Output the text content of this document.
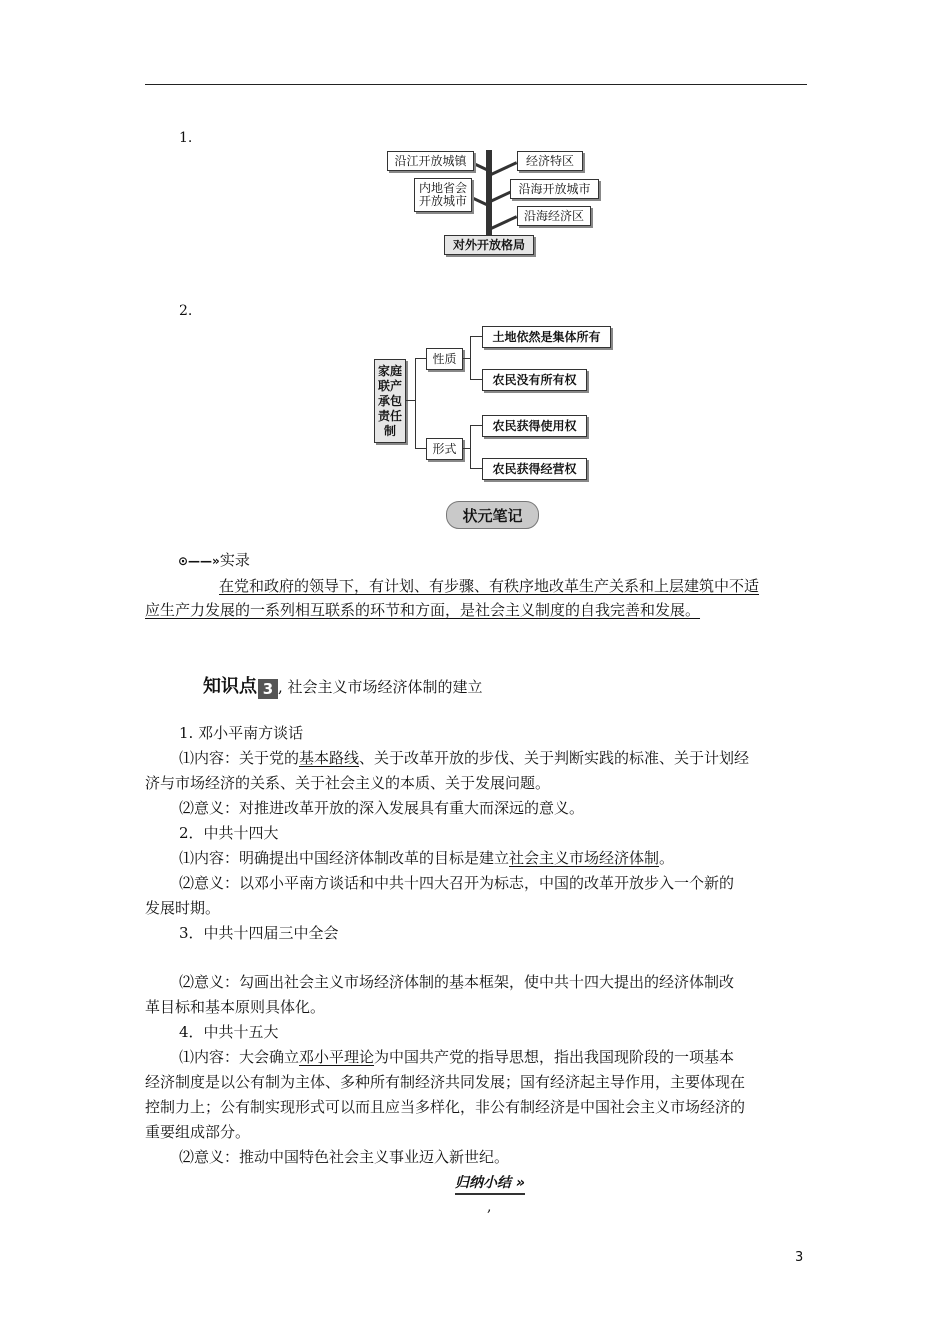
1.
沿江开放城镇
内地省会
开放城市
经济特区
沿海开放城市
沿海经济区
对外开放格局
2.
家庭
联产
承包
责任
制
性质
形式
土地依然是集体所有
农民没有所有权
农民获得使用权
农民获得经营权
状元笔记
⊙——»实录
在党和政府的领导下，有计划、有步骤、有秩序地改革生产关系和上层建筑中不适
应生产力发展的一系列相互联系的环节和方面，是社会主义制度的自我完善和发展。
知识点 3 , 社会主义市场经济体制的建立
1. 邓小平南方谈话
⑴内容：关于党的基本路线、关于改革开放的步伐、关于判断实践的标准、关于计划经
济与市场经济的关系、关于社会主义的本质、关于发展问题。
⑵意义：对推进改革开放的深入发展具有重大而深远的意义。
2．中共十四大
⑴内容：明确提出中国经济体制改革的目标是建立社会主义市场经济体制。
⑵意义：以邓小平南方谈话和中共十四大召开为标志，中国的改革开放步入一个新的
发展时期。
3．中共十四届三中全会
⑵意义：勾画出社会主义市场经济体制的基本框架，使中共十四大提出的经济体制改
革目标和基本原则具体化。
4．中共十五大
⑴内容：大会确立邓小平理论为中国共产党的指导思想，指出我国现阶段的一项基本
经济制度是以公有制为主体、多种所有制经济共同发展；国有经济起主导作用，主要体现在
控制力上；公有制实现形式可以而且应当多样化，非公有制经济是中国社会主义市场经济的
重要组成部分。
⑵意义：推动中国特色社会主义事业迈入新世纪。
归纳小结 »
,
3
